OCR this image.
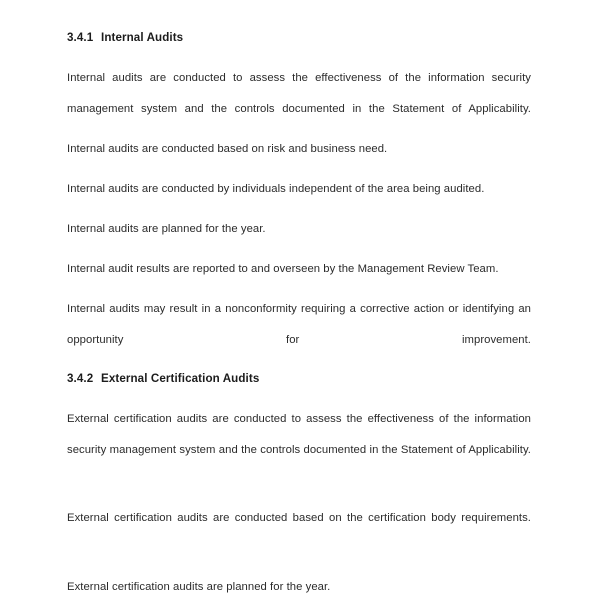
3.4.1 Internal Audits

Internal audits are conducted to assess the effectiveness of the information security management system and the controls documented in the Statement of Applicability.

Internal audits are conducted based on risk and business need.

Internal audits are conducted by individuals independent of the area being audited.

Internal audits are planned for the year.

Internal audit results are reported to and overseen by the Management Review Team.

Internal audits may result in a nonconformity requiring a corrective action or identifying an opportunity for improvement.

3.4.2 External Certification Audits

External certification audits are conducted to assess the effectiveness of the information security management system and the controls documented in the Statement of Applicability.

External certification audits are conducted based on the certification body requirements.

External certification audits are planned for the year.
